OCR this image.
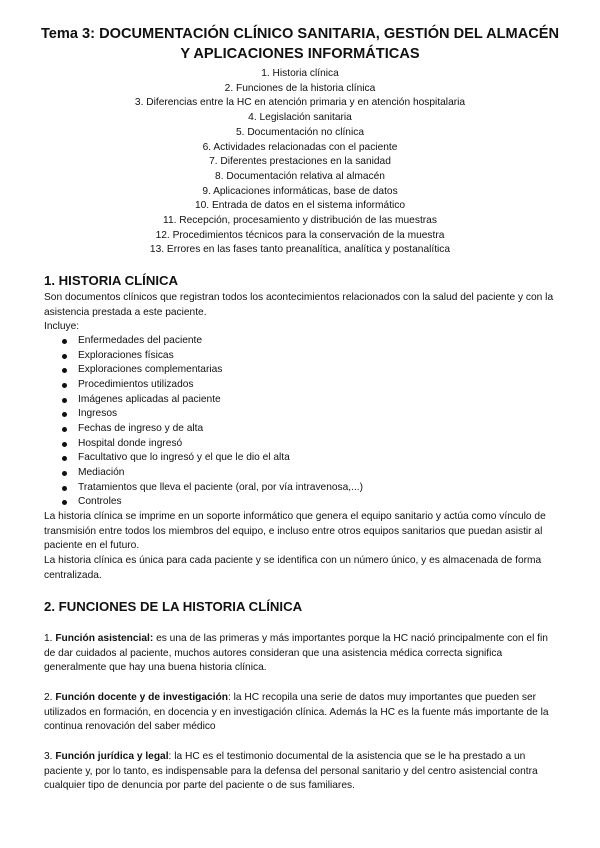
Tema 3: DOCUMENTACIÓN CLÍNICO SANITARIA, GESTIÓN DEL ALMACÉN Y APLICACIONES INFORMÁTICAS
1. Historia clínica
2. Funciones de la historia clínica
3. Diferencias entre la HC en atención primaria y en atención hospitalaria
4. Legislación sanitaria
5. Documentación no clínica
6. Actividades relacionadas con el paciente
7. Diferentes prestaciones en la sanidad
8. Documentación relativa al almacén
9. Aplicaciones informáticas, base de datos
10. Entrada de datos en el sistema informático
11. Recepción, procesamiento y distribución de las muestras
12. Procedimientos técnicos para la conservación de la muestra
13. Errores en las fases tanto preanalítica, analítica y postanalítica
1. HISTORIA CLÍNICA

Son documentos clínicos que registran todos los acontecimientos relacionados con la salud del paciente y con la asistencia prestada a este paciente.

Incluye:

Enfermedades del paciente
Exploraciones físicas
Exploraciones complementarias
Procedimientos utilizados
Imágenes aplicadas al paciente
Ingresos
Fechas de ingreso y de alta
Hospital donde ingresó
Facultativo que lo ingresó y el que le dio el alta
Mediación
Tratamientos que lleva el paciente (oral, por vía intravenosa,...)
Controles

La historia clínica se imprime en un soporte informático que genera el equipo sanitario y actúa como vínculo de transmisión entre todos los miembros del equipo, e incluso entre otros equipos sanitarios que puedan asistir al paciente en el futuro.

La historia clínica es única para cada paciente y se identifica con un número único, y es almacenada de forma centralizada.

2. FUNCIONES DE LA HISTORIA CLÍNICA

1. Función asistencial: es una de las primeras y más importantes porque la HC nació principalmente con el fin de dar cuidados al paciente, muchos autores consideran que una asistencia médica correcta significa generalmente que hay una buena historia clínica.

2. Función docente y de investigación: la HC recopila una serie de datos muy importantes que pueden ser utilizados en formación, en docencia y en investigación clínica. Además la HC es la fuente más importante de la continua renovación del saber médico

3. Función jurídica y legal: la HC es el testimonio documental de la asistencia que se le ha prestado a un paciente y, por lo tanto, es indispensable para la defensa del personal sanitario y del centro asistencial contra cualquier tipo de denuncia por parte del paciente o de sus familiares.
